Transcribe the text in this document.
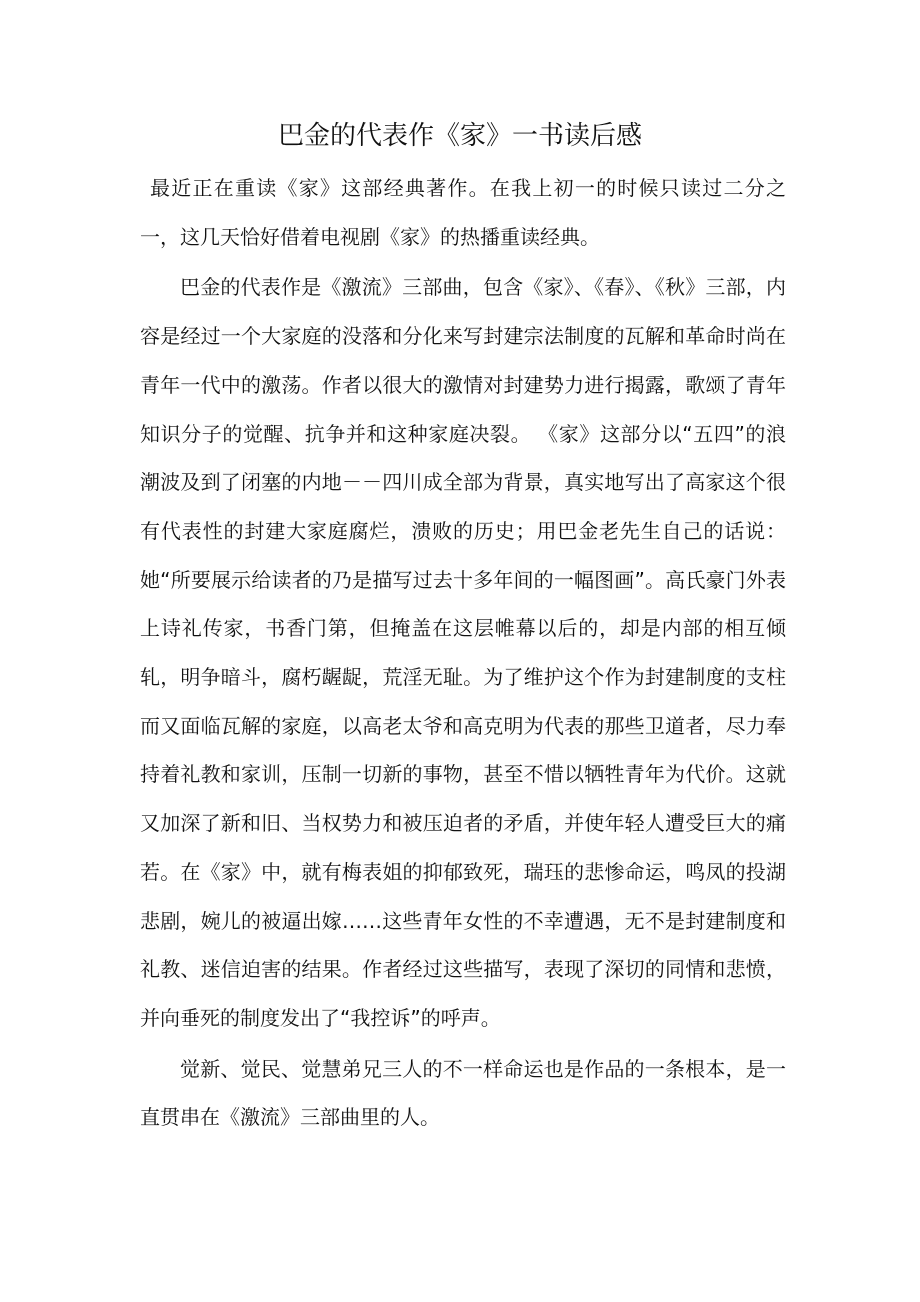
巴金的代表作《家》一书读后感

最近正在重读《家》这部经典著作。在我上初一的时候只读过二分之一，这几天恰好借着电视剧《家》的热播重读经典。

巴金的代表作是《激流》三部曲，包含《家》、《春》、《秋》三部，内容是经过一个大家庭的没落和分化来写封建宗法制度的瓦解和革命时尚在青年一代中的激荡。作者以很大的激情对封建势力进行揭露，歌颂了青年知识分子的觉醒、抗争并和这种家庭决裂。 《家》这部分以“五四”的浪潮波及到了闭塞的内地－－四川成全部为背景，真实地写出了高家这个很有代表性的封建大家庭腐烂，溃败的历史；用巴金老先生自己的话说：她“所要展示给读者的乃是描写过去十多年间的一幅图画”。高氏豪门外表上诗礼传家，书香门第，但掩盖在这层帷幕以后的，却是内部的相互倾轧，明争暗斗，腐朽龌龊，荒淫无耻。为了维护这个作为封建制度的支柱而又面临瓦解的家庭，以高老太爷和高克明为代表的那些卫道者，尽力奉持着礼教和家训，压制一切新的事物，甚至不惜以牺牲青年为代价。这就又加深了新和旧、当权势力和被压迫者的矛盾，并使年轻人遭受巨大的痛若。在《家》中，就有梅表姐的抑郁致死，瑞珏的悲惨命运，鸣凤的投湖悲剧，婉儿的被逼出嫁……这些青年女性的不幸遭遇，无不是封建制度和礼教、迷信迫害的结果。作者经过这些描写，表现了深切的同情和悲愤，并向垂死的制度发出了“我控诉”的呼声。

觉新、觉民、觉慧弟兄三人的不一样命运也是作品的一条根本，是一直贯串在《激流》三部曲里的人。
